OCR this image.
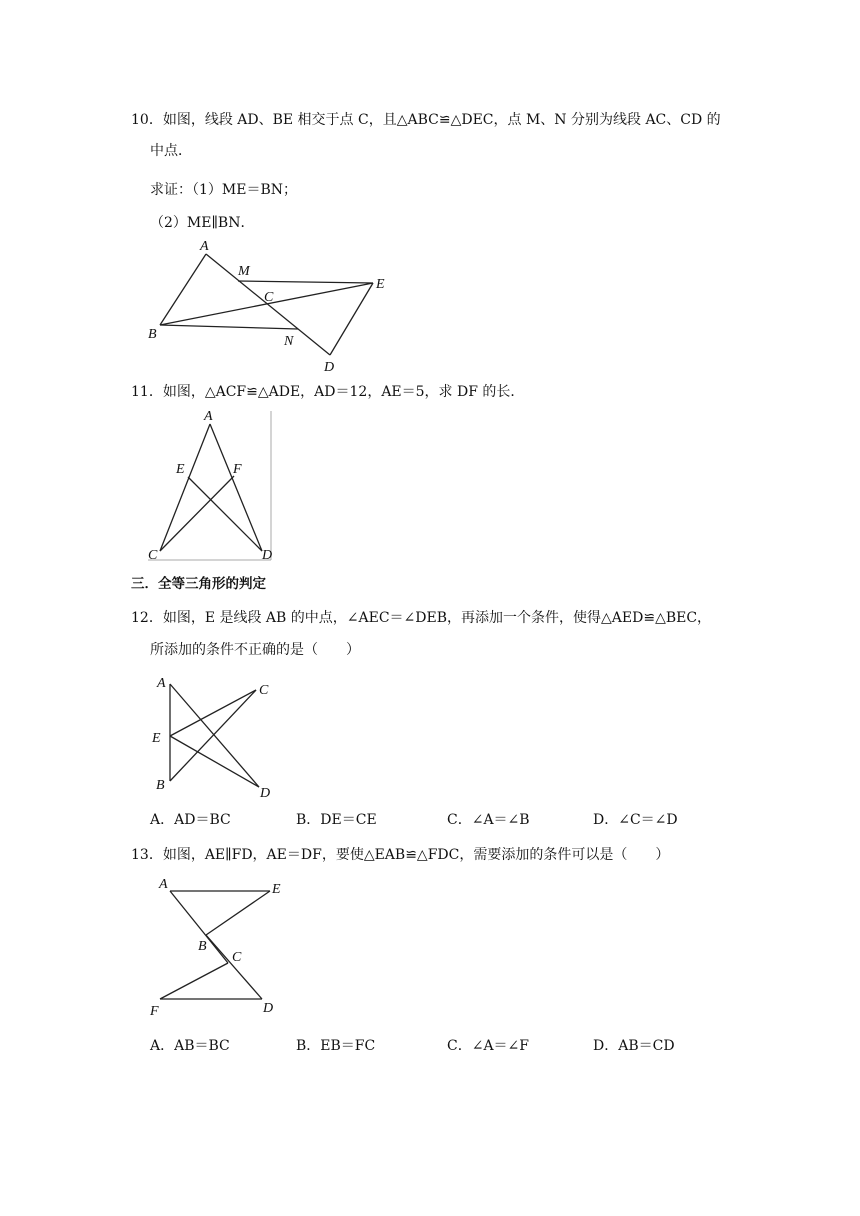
10．如图，线段 AD、BE 相交于点 C，且△ABC≌△DEC，点 M、N 分别为线段 AC、CD 的
中点．
求证：（1）ME＝BN；
（2）ME∥BN．
A
M
C
E
B	N
D
11．如图，△ACF≌△ADE，AD＝12，AE＝5，求 DF 的长．
A
E	F
C	D
三．全等三角形的判定
12．如图，E 是线段 AB 的中点，∠AEC＝∠DEB，再添加一个条件，使得△AED≌△BEC，
所添加的条件不正确的是（　　）
A	C
E
B
D
A．AD＝BC	B．DE＝CE	C．∠A＝∠B	D．∠C＝∠D
13．如图，AE∥FD，AE＝DF，要使△EAB≌△FDC，需要添加的条件可以是（　　）
A	E
B
C
F	D
A．AB＝BC	B．EB＝FC	C．∠A＝∠F	D．AB＝CD
